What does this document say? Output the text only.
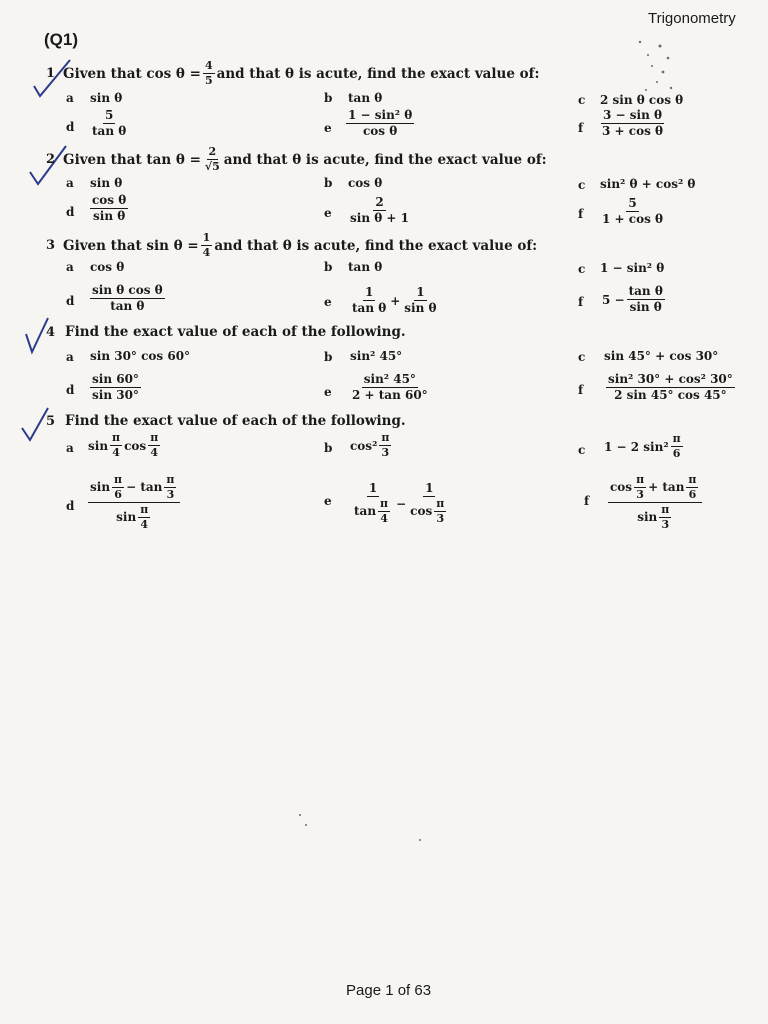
Trigonometry
(Q1)
1 Given that $\cos \theta = \frac{4}{5}$ and that θ is acute, find the exact value of:
a sin θ	b tan θ	c 2 sin θ cos θ
d $\frac{5}{\text{tan θ}}$	e $\frac{\text{1 − sin² θ}}{\text{cos θ}}$	f $\frac{\text{3 − sin θ}}{\text{3 + cos θ}}$
2 Given that $\tan \theta = \frac{2}{√5}$ and that θ is acute, find the exact value of:
a sin θ	b cos θ	c sin² θ + cos² θ
d $\frac{\text{cos θ}}{\text{sin θ}}$	e $\frac{2}{\text{sin θ + 1}}$	f $\frac{5}{\text{1 + cos θ}}$
3 Given that $\sin \theta = \frac{1}{4}$ and that θ is acute, find the exact value of:
a cos θ	b tan θ	c 1 − sin² θ
d $\frac{\text{sin θ cos θ}}{\text{tan θ}}$	e $\frac{1}{\text{tan θ}} + \frac{1}{\text{sin θ}}$	f $5 - \frac{\text{tan θ}}{\text{sin θ}}$
4 Find the exact value of each of the following.
a sin 30° cos 60°	b sin² 45°	c sin 45° + cos 30°
d $\frac{\sin 60^\circ}{\sin 30^\circ}$	e $\frac{\text{sin² 45°}}{2 + \tan 60^\circ}$	f $\frac{\text{sin² 30° + cos² 30°}}{2 \sin 45^\circ \cos 45^\circ}$
5 Find the exact value of each of the following.
a $\sin \frac{\pi}{4}$ $\cos \frac{\pi}{4}$	b $\cos^2 \frac{\pi}{3}$	c 1 − 2 $\sin^2 \frac{\pi}{6}$
d $\frac{\sin \frac{\pi}{6} - \tan \frac{\pi}{3}}{\sin \frac{\pi}{4}}$	e $\frac{1}{\tan \frac{\pi}{4}} - \frac{1}{\cos \frac{\pi}{3}}$	f $\frac{\cos \frac{\pi}{3} + \tan \frac{\pi}{6}}{\sin \frac{\pi}{3}}$
Page 1 of 63
